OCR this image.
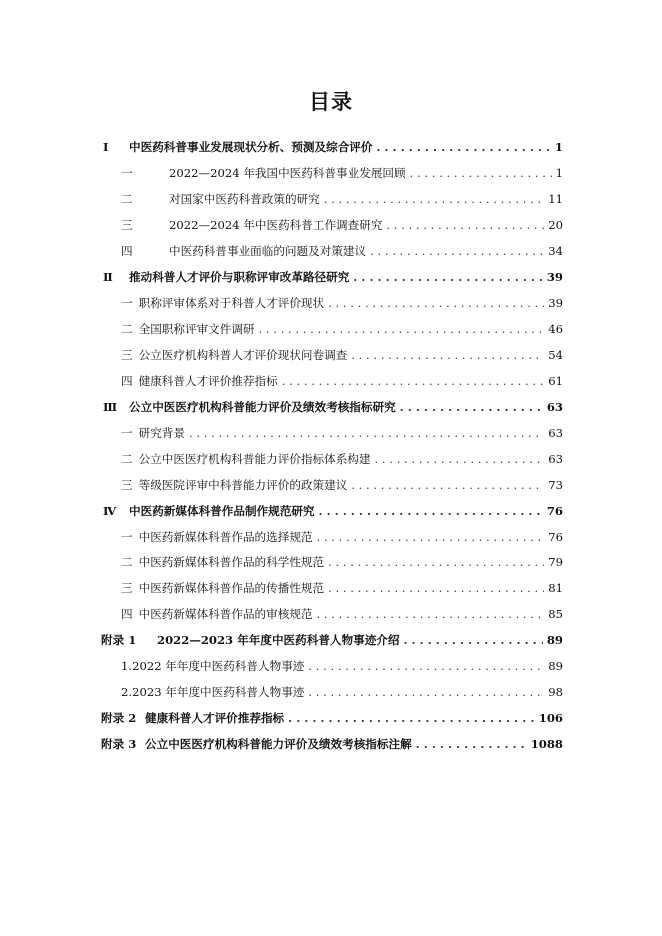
目录
Ⅰ	中医药科普事业发展现状分析、预测及综合评价 . . .	1
一	2022—2024 年我国中医药科普事业发展回顾 . . .	1
二	对国家中医药科普政策的研究 . . .	11
三	2022—2024 年中医药科普工作调查研究 . . .	20
四	中医药科普事业面临的问题及对策建议 . . .	34
Ⅱ	推动科普人才评价与职称评审改革路径研究 . . .	39
一 职称评审体系对于科普人才评价现状 . . .	39
二 全国职称评审文件调研 . . .	46
三 公立医疗机构科普人才评价现状问卷调查 . . .	54
四 健康科普人才评价推荐指标 . . .	61
Ⅲ	公立中医医疗机构科普能力评价及绩效考核指标研究 . . .	63
一 研究背景 . . .	63
二 公立中医医疗机构科普能力评价指标体系构建 . . .	63
三 等级医院评审中科普能力评价的政策建议 . . .	73
Ⅳ	中医药新媒体科普作品制作规范研究 . . .	76
一 中医药新媒体科普作品的选择规范 . . .	76
二 中医药新媒体科普作品的科学性规范 . . .	79
三 中医药新媒体科普作品的传播性规范 . . .	81
四 中医药新媒体科普作品的审核规范 . . .	85
附录 1	2022—2023 年年度中医药科普人物事迹介绍 . . .	89
1. 2022 年年度中医药科普人物事迹 . . .	89
2. 2023 年年度中医药科普人物事迹 . . .	98
附录 2 健康科普人才评价推荐指标 . . .	106
附录 3 公立中医医疗机构科普能力评价及绩效考核指标注解 . . .	1088
